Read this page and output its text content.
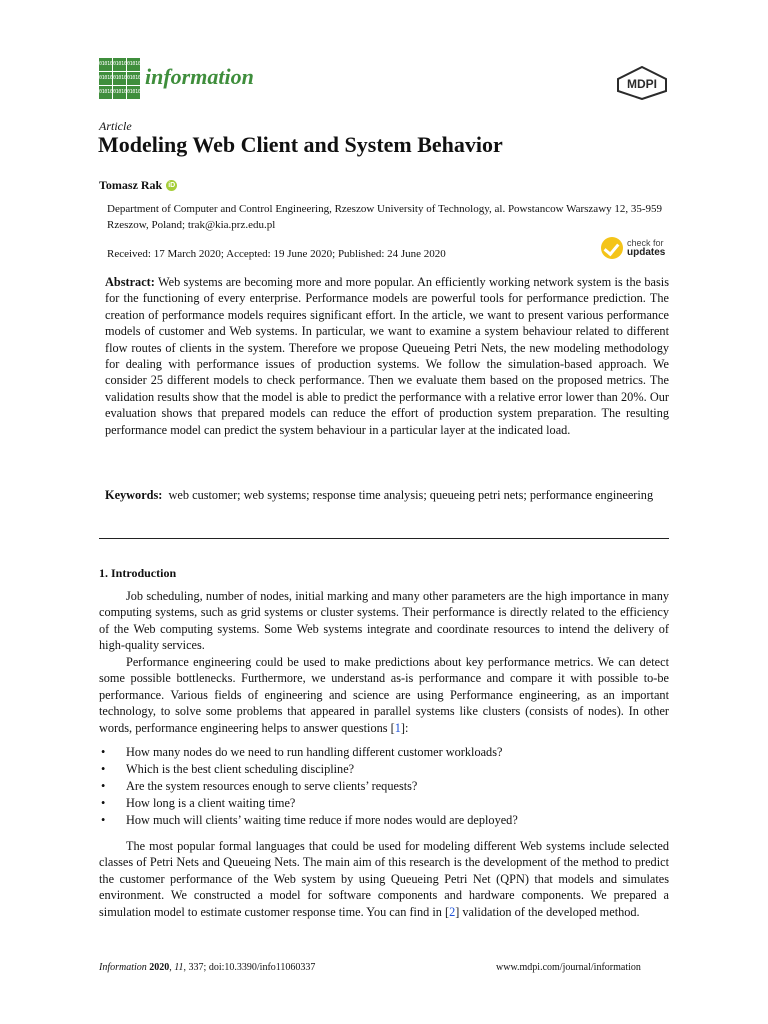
01010 01010 01010
01010 01010 01010
01010 01010 01010
information	MDPI
Article
Modeling Web Client and System Behavior
Tomasz Rak iD
Department of Computer and Control Engineering, Rzeszow University of Technology, al. Powstancow Warszawy 12, 35-959 Rzeszow, Poland; trak@kia.prz.edu.pl
Received: 17 March 2020; Accepted: 19 June 2020; Published: 24 June 2020
check for
updates
Abstract: Web systems are becoming more and more popular. An efficiently working network system is the basis for the functioning of every enterprise. Performance models are powerful tools for performance prediction. The creation of performance models requires significant effort. In the article, we want to present various performance models of customer and Web systems. In particular, we want to examine a system behaviour related to different flow routes of clients in the system. Therefore we propose Queueing Petri Nets, the new modeling methodology for dealing with performance issues of production systems. We follow the simulation-based approach. We consider 25 different models to check performance. Then we evaluate them based on the proposed metrics. The validation results show that the model is able to predict the performance with a relative error lower than 20%. Our evaluation shows that prepared models can reduce the effort of production system preparation. The resulting performance model can predict the system behaviour in a particular layer at the indicated load.
Keywords: web customer; web systems; response time analysis; queueing petri nets; performance engineering
1. Introduction

Job scheduling, number of nodes, initial marking and many other parameters are the high importance in many computing systems, such as grid systems or cluster systems. Their performance is directly related to the efficiency of the Web computing systems. Some Web systems integrate and coordinate resources to intend the delivery of high-quality services.

Performance engineering could be used to make predictions about key performance metrics. We can detect some possible bottlenecks. Furthermore, we understand as-is performance and compare it with possible to-be performance. Various fields of engineering and science are using Performance engineering, as an important technology, to solve some problems that appeared in parallel systems like clusters (consists of nodes). In other words, performance engineering helps to answer questions [1]:

• How many nodes do we need to run handling different customer workloads?
• Which is the best client scheduling discipline?
• Are the system resources enough to serve clients’ requests?
• How long is a client waiting time?
• How much will clients’ waiting time reduce if more nodes would are deployed?

The most popular formal languages that could be used for modeling different Web systems include selected classes of Petri Nets and Queueing Nets. The main aim of this research is the development of the method to predict the customer performance of the Web system by using Queueing Petri Net (QPN) that models and simulates environment. We constructed a model for software components and hardware components. We prepared a simulation model to estimate customer response time. You can find in [2] validation of the developed method.

Information 2020, 11, 337; doi:10.3390/info11060337	www.mdpi.com/journal/information
